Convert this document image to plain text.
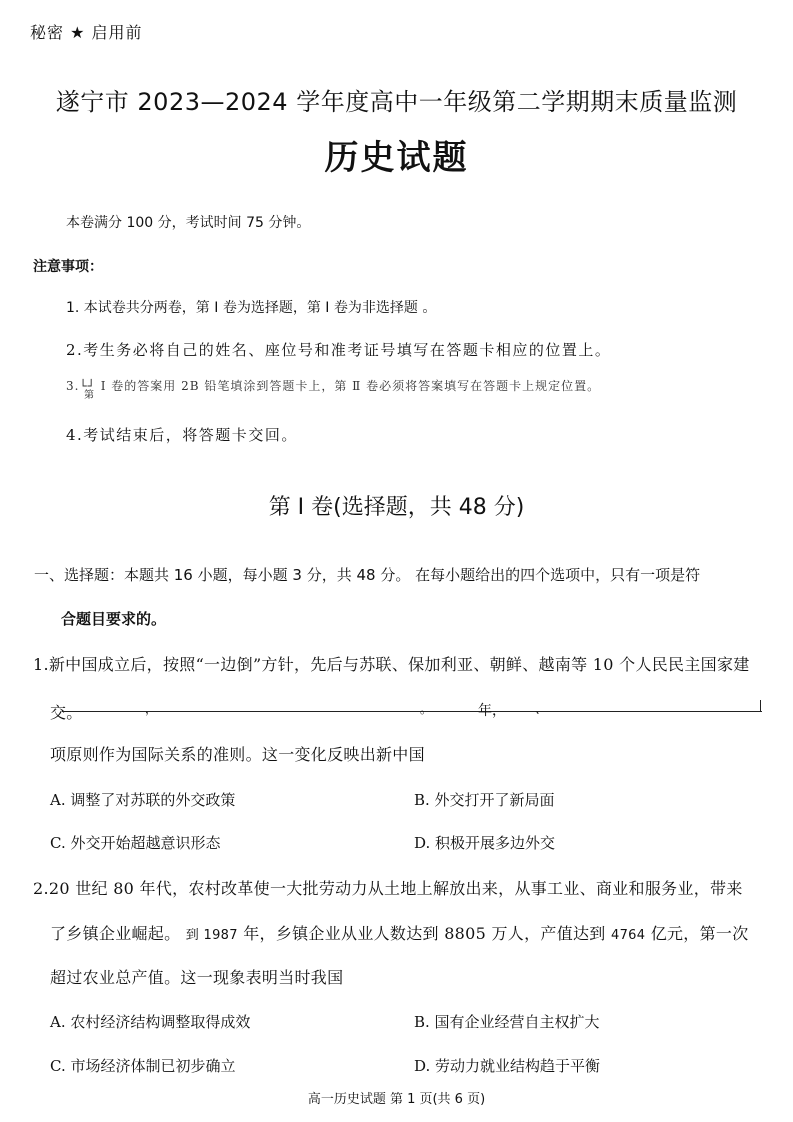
秘密 ★ 启用前
遂宁市 2023—2024 学年度高中一年级第二学期期末质量监测
历史试题
本卷满分 100 分，考试时间 75 分钟。
注意事项：
1. 本试卷共分两卷，第 Ⅰ 卷为选择题，第 Ⅰ 卷为非选择题 。
2.考生务必将自己的姓名、座位号和准考证号填写在答题卡相应的位置上。
3.└┘ Ⅰ 卷的答案用 2B 铅笔填涂到答题卡上，第 Ⅱ 卷必须将答案填写在答题卡上规定位置。
第
4.考试结束后，将答题卡交回。
第 Ⅰ 卷(选择题，共 48 分)
一、选择题：本题共 16 小题，每小题 3 分，共 48 分。 在每小题给出的四个选项中，只有一项是符
合题目要求的。
1.新中国成立后，按照“一边倒”方针，先后与苏联、保加利亚、朝鲜、越南等 10 个人民民主国家建
交。	，	。	年， 、
项原则作为国际关系的准则。这一变化反映出新中国
A. 调整了对苏联的外交政策	B. 外交打开了新局面
C. 外交开始超越意识形态	D. 积极开展多边外交
2.20 世纪 80 年代，农村改革使一大批劳动力从土地上解放出来，从事工业、商业和服务业，带来
了乡镇企业崛起。 到 1987 年，乡镇企业从业人数达到 8805 万人，产值达到 4764 亿元，第一次
超过农业总产值。这一现象表明当时我国
A. 农村经济结构调整取得成效	B. 国有企业经营自主权扩大
C. 市场经济体制已初步确立	D. 劳动力就业结构趋于平衡
高一历史试题 第 1 页(共 6 页)
